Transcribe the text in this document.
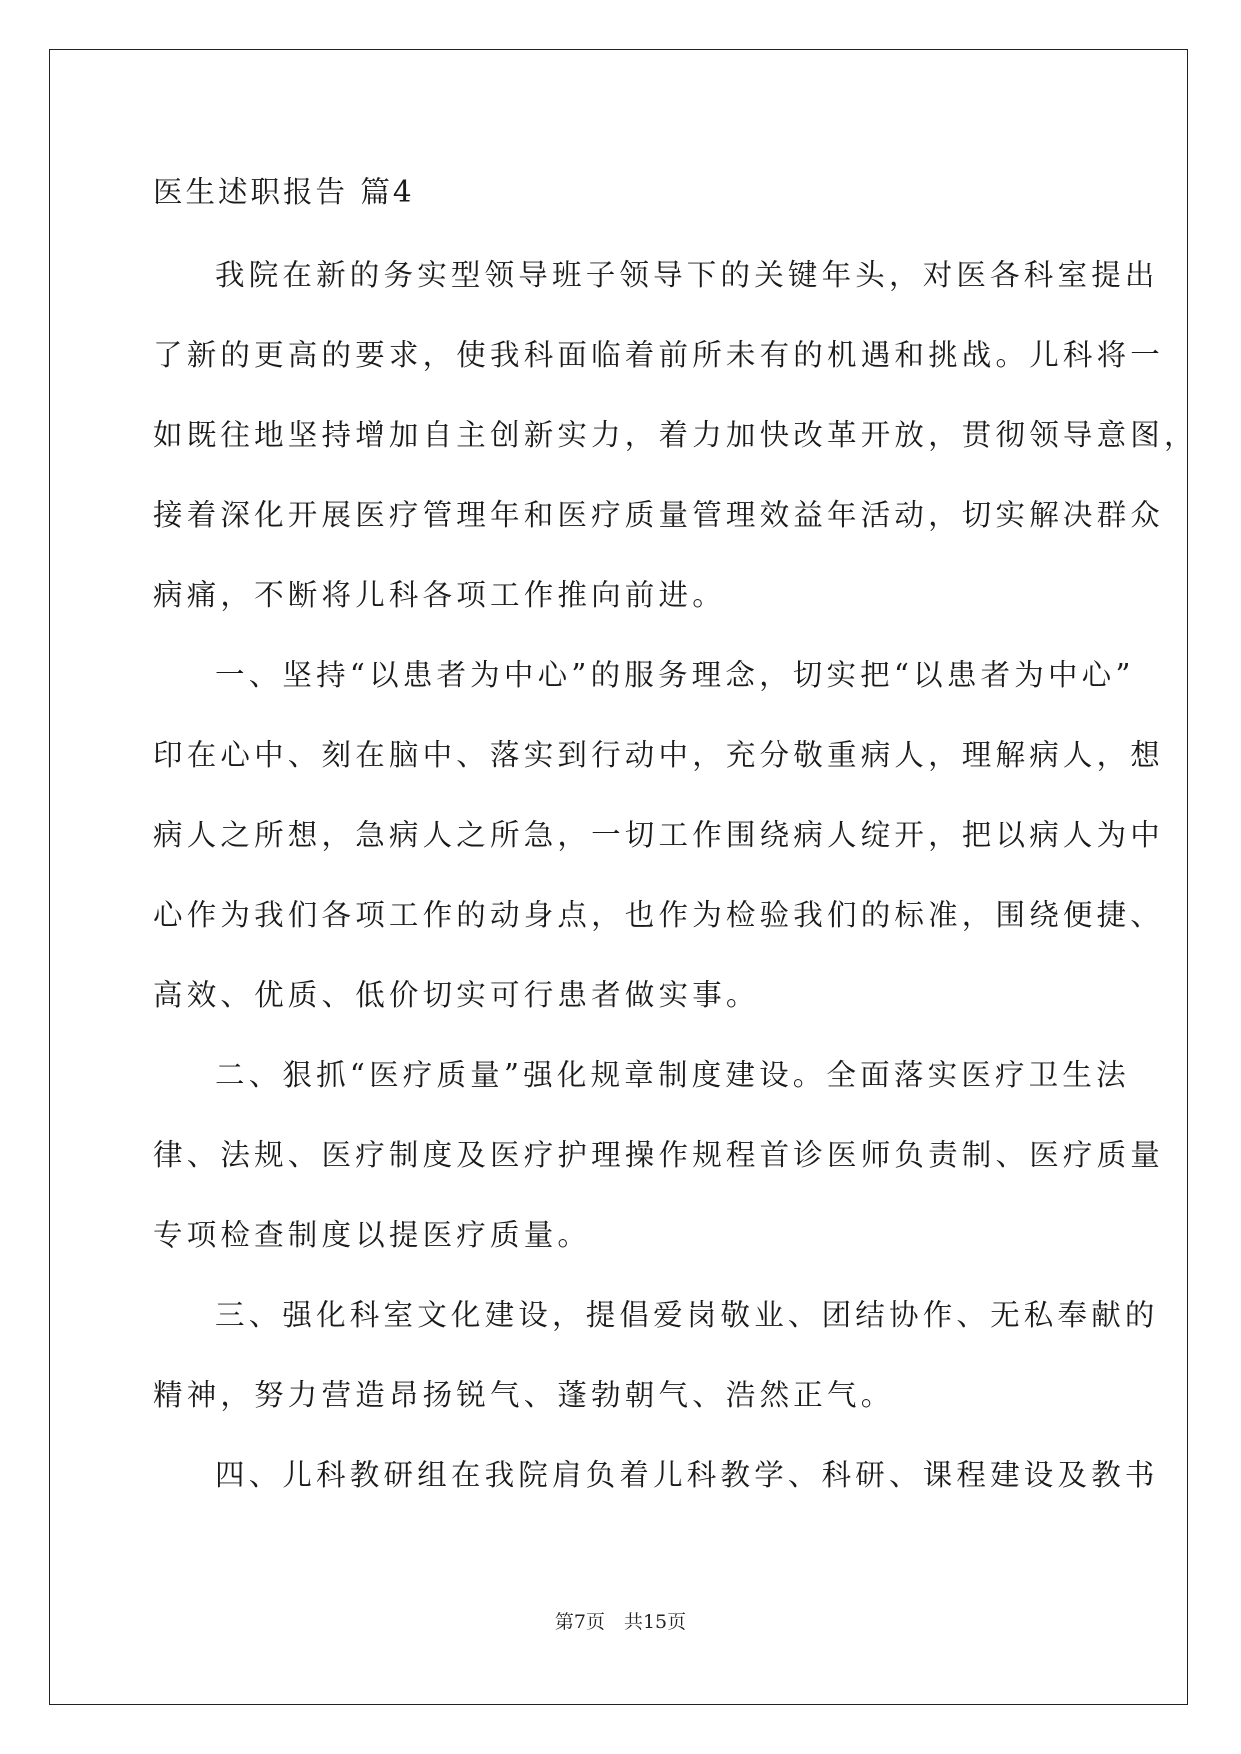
医生述职报告 篇4
我院在新的务实型领导班子领导下的关键年头，对医各科室提出
了新的更高的要求，使我科面临着前所未有的机遇和挑战。儿科将一
如既往地坚持增加自主创新实力，着力加快改革开放，贯彻领导意图，
接着深化开展医疗管理年和医疗质量管理效益年活动，切实解决群众
病痛，不断将儿科各项工作推向前进。
一、坚持“以患者为中心”的服务理念，切实把“以患者为中心”
印在心中、刻在脑中、落实到行动中，充分敬重病人，理解病人，想
病人之所想，急病人之所急，一切工作围绕病人绽开，把以病人为中
心作为我们各项工作的动身点，也作为检验我们的标准，围绕便捷、
高效、优质、低价切实可行患者做实事。
二、狠抓“医疗质量”强化规章制度建设。全面落实医疗卫生法
律、法规、医疗制度及医疗护理操作规程首诊医师负责制、医疗质量
专项检查制度以提医疗质量。
三、强化科室文化建设，提倡爱岗敬业、团结协作、无私奉献的
精神，努力营造昂扬锐气、蓬勃朝气、浩然正气。
四、儿科教研组在我院肩负着儿科教学、科研、课程建设及教书
第7页　共15页
